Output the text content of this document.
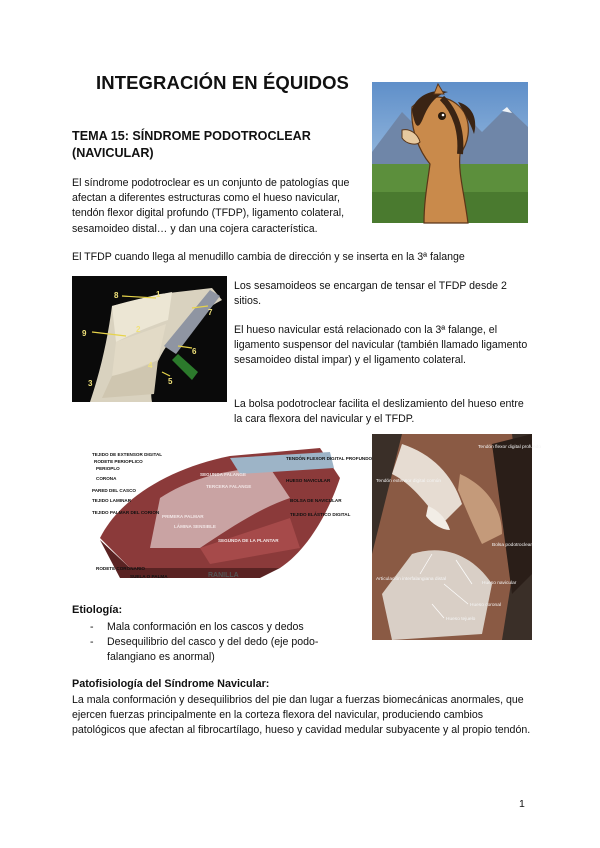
INTEGRACIÓN EN ÉQUIDOS
TEMA 15: SÍNDROME PODOTROCLEAR (NAVICULAR)
El síndrome podotroclear es un conjunto de patologías que afectan a diferentes estructuras como el hueso navicular, tendón flexor digital profundo (TFDP), ligamento colateral, sesamoideo distal… y dan una cojera característica.
El TFDP cuando llega al menudillo cambia de dirección y se inserta en la 3ª falange
8	1
7
9	2
6
4
5
3
Los sesamoideos se encargan de tensar el TFDP desde 2 sitios.
El hueso navicular está relacionado con la 3ª falange, el ligamento suspensor del navicular (también llamado ligamento sesamoideo distal impar) y el ligamento colateral.
La bolsa podotroclear facilita el deslizamiento del hueso entre la cara flexora del navicular y el TFDP.
TEJIDO DE EXTENSOR DIGITAL
RODETE PERIOPLICO
PERIOPLO
CORONA
PARED DEL CASCO
TEJIDO LAMINAR
TEJIDO PALMAR DEL CORION
RODETE CORONARIO
SUELA O PALMA
TENDÓN FLEXOR DIGITAL PROFUNDO
HUESO NAVICULAR
BOLSA DE NAVICULAR
TEJIDO ELÁSTICO DIGITAL
SEGUNDA FALANGE
TERCERA FALANGE
PRIMERA PALMAR
LÁMINA SENSIBLE
SEGUNDA DE LA PLANTAR
RANILLA
Tendón flexor digital profundo
Tendón extensor digital común
Bolsa podotroclear
Articulación interfalangiana distal
Hueso navicular
Hueso coronal
Hueso tejuelo
Etiología:
- Mala conformación en los cascos y dedos
- Desequilibrio del casco y del dedo (eje podo-falangiano es anormal)
Patofisiología del Síndrome Navicular:
La mala conformación y desequilibrios del pie dan lugar a fuerzas biomecánicas anormales, que ejercen fuerzas principalmente en la corteza flexora del navicular, produciendo cambios patológicos que afectan al fibrocartílago, hueso y cavidad medular subyacente y al propio tendón.
1
